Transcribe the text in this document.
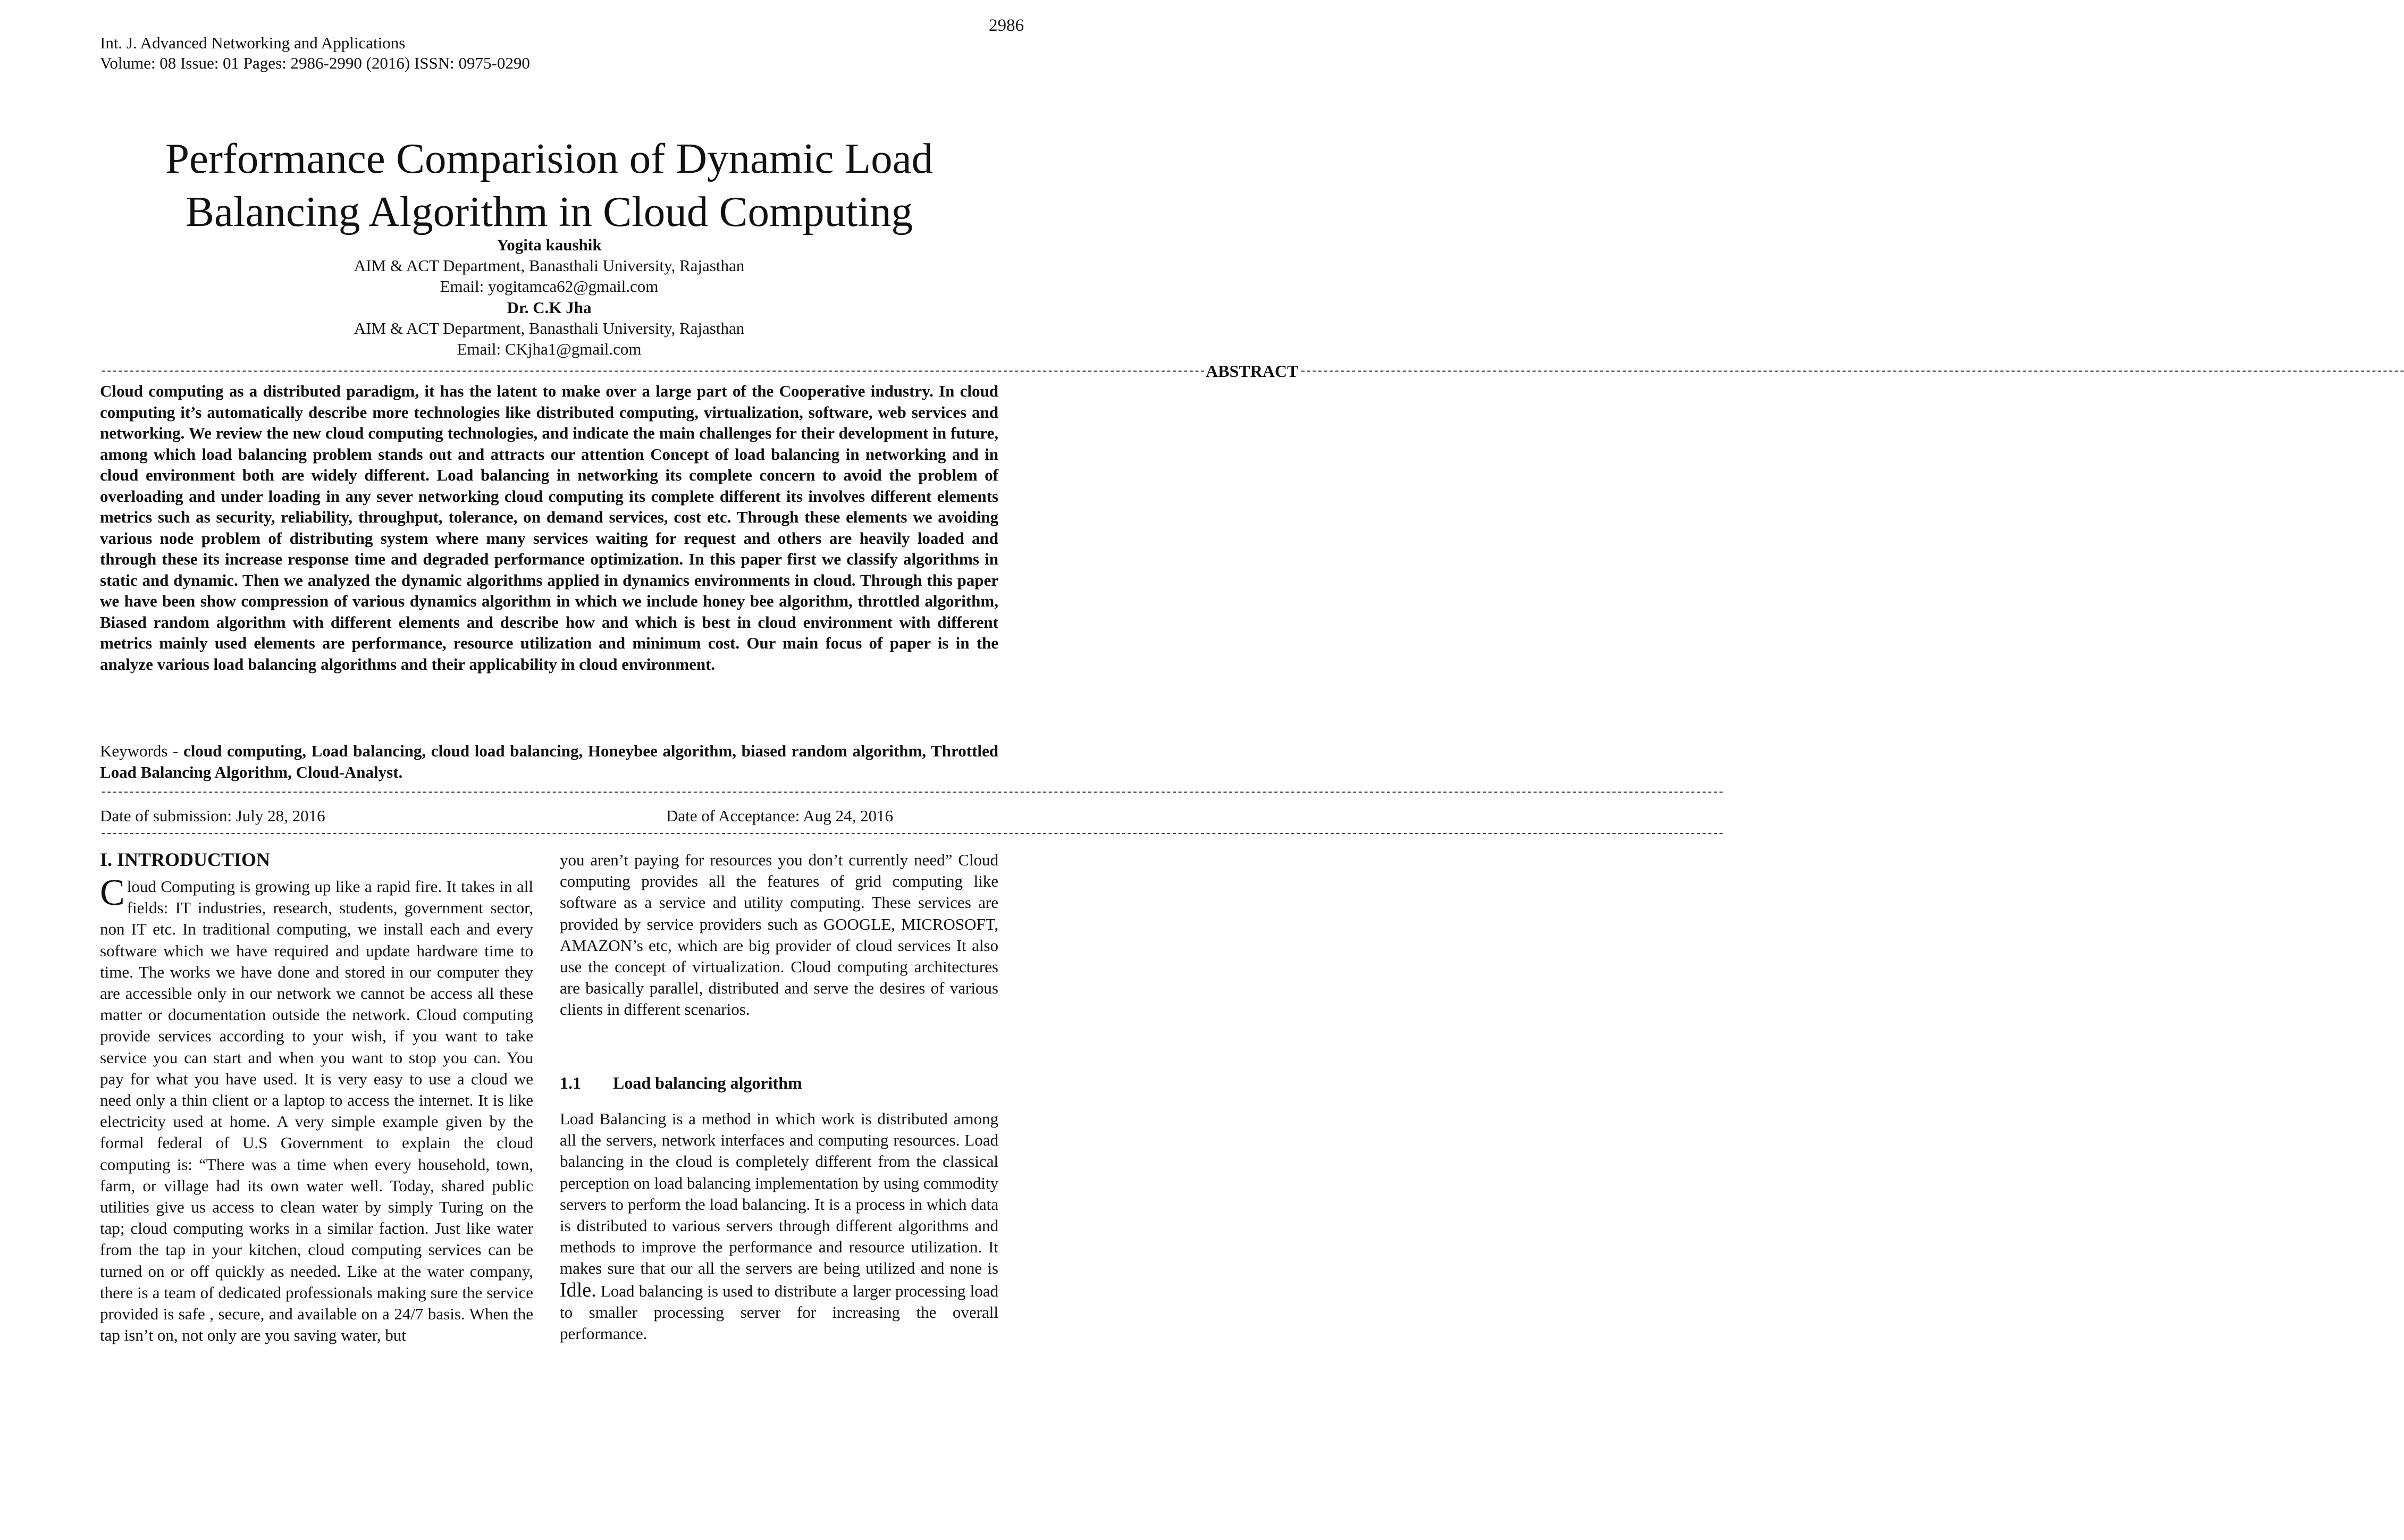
Int. J. Advanced Networking and Applications
Volume: 08 Issue: 01 Pages: 2986-2990 (2016) ISSN: 0975-0290
2986
Performance Comparision of Dynamic Load
Balancing Algorithm in Cloud Computing
Yogita kaushik
AIM & ACT Department, Banasthali University, Rajasthan
Email: yogitamca62@gmail.com
Dr. C.K Jha
AIM & ACT Department, Banasthali University, Rajasthan
Email: CKjha1@gmail.com
---------------------------------------------------------------------------------------------------------------------------------------------------------------------------------------------------- ABSTRACT ----------------------------------------------------------------------------------------------------------------------------------------------------------------------------------------------------
Cloud computing as a distributed paradigm, it has the latent to make over a large part of the Cooperative industry. In cloud computing it’s automatically describe more technologies like distributed computing, virtualization, software, web services and networking. We review the new cloud computing technologies, and indicate the main challenges for their development in future, among which load balancing problem stands out and attracts our attention Concept of load balancing in networking and in cloud environment both are widely different. Load balancing in networking its complete concern to avoid the problem of overloading and under loading in any sever networking cloud computing its complete different its involves different elements metrics such as security, reliability, throughput, tolerance, on demand services, cost etc. Through these elements we avoiding various node problem of distributing system where many services waiting for request and others are heavily loaded and through these its increase response time and degraded performance optimization. In this paper first we classify algorithms in static and dynamic. Then we analyzed the dynamic algorithms applied in dynamics environments in cloud. Through this paper we have been show compression of various dynamics algorithm in which we include honey bee algorithm, throttled algorithm, Biased random algorithm with different elements and describe how and which is best in cloud environment with different metrics mainly used elements are performance, resource utilization and minimum cost. Our main focus of paper is in the analyze various load balancing algorithms and their applicability in cloud environment.
Keywords - cloud computing, Load balancing, cloud load balancing, Honeybee algorithm, biased random algorithm, Throttled Load Balancing Algorithm, Cloud-Analyst.
------------------------------------------------------------------------------------------------------------------------------------------------------------------------------------------------------------------------------------------------------------------------------------------------
Date of submission: July 28, 2016	Date of Acceptance: Aug 24, 2016
------------------------------------------------------------------------------------------------------------------------------------------------------------------------------------------------------------------------------------------------------------------------------------------------
I. INTRODUCTION
Cloud Computing is growing up like a rapid fire. It takes in all fields: IT industries, research, students, government sector, non IT etc. In traditional computing, we install each and every software which we have required and update hardware time to time. The works we have done and stored in our computer they are accessible only in our network we cannot be access all these matter or documentation outside the network. Cloud computing provide services according to your wish, if you want to take service you can start and when you want to stop you can. You pay for what you have used. It is very easy to use a cloud we need only a thin client or a laptop to access the internet. It is like electricity used at home. A very simple example given by the formal federal of U.S Government to explain the cloud computing is: “There was a time when every household, town, farm, or village had its own water well. Today, shared public utilities give us access to clean water by simply Turing on the tap; cloud computing works in a similar faction. Just like water from the tap in your kitchen, cloud computing services can be turned on or off quickly as needed. Like at the water company, there is a team of dedicated professionals making sure the service provided is safe , secure, and available on a 24/7 basis. When the tap isn’t on, not only are you saving water, but
you aren’t paying for resources you don’t currently need” Cloud computing provides all the features of grid computing like software as a service and utility computing. These services are provided by service providers such as GOOGLE, MICROSOFT, AMAZON’s etc, which are big provider of cloud services It also use the concept of virtualization. Cloud computing architectures are basically parallel, distributed and serve the desires of various clients in different scenarios.
1.1	Load balancing algorithm
Load Balancing is a method in which work is distributed among all the servers, network interfaces and computing resources. Load balancing in the cloud is completely different from the classical perception on load balancing implementation by using commodity servers to perform the load balancing. It is a process in which data is distributed to various servers through different algorithms and methods to improve the performance and resource utilization. It makes sure that our all the servers are being utilized and none is Idle. Load balancing is used to distribute a larger processing load to smaller processing server for increasing the overall performance.
